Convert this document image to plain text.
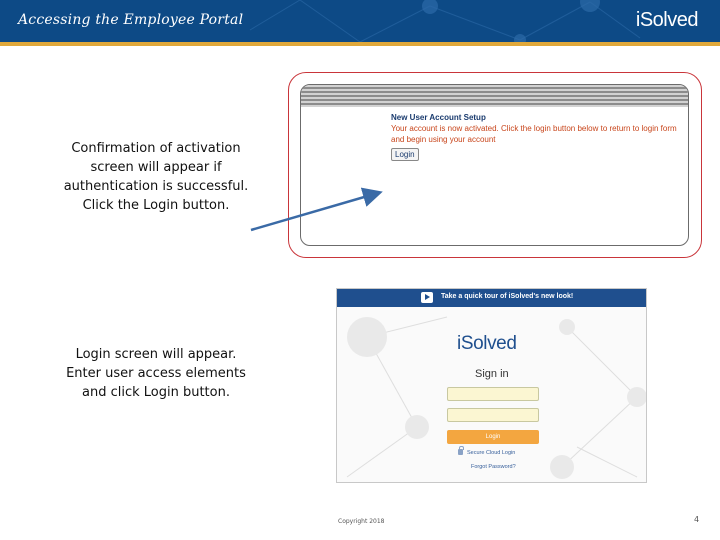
Accessing the Employee Portal	iSolved
Confirmation of activation screen will appear if authentication is successful. Click the Login button.
Login screen will appear. Enter user access elements and click Login button.
New User Account Setup
Your account is now activated. Click the login button below to return to login form and begin using your account
Login
Take a quick tour of iSolved's new look!
iSolved
Sign in
Login
Secure Cloud Login
Forgot Password?
Copyright 2018	4
